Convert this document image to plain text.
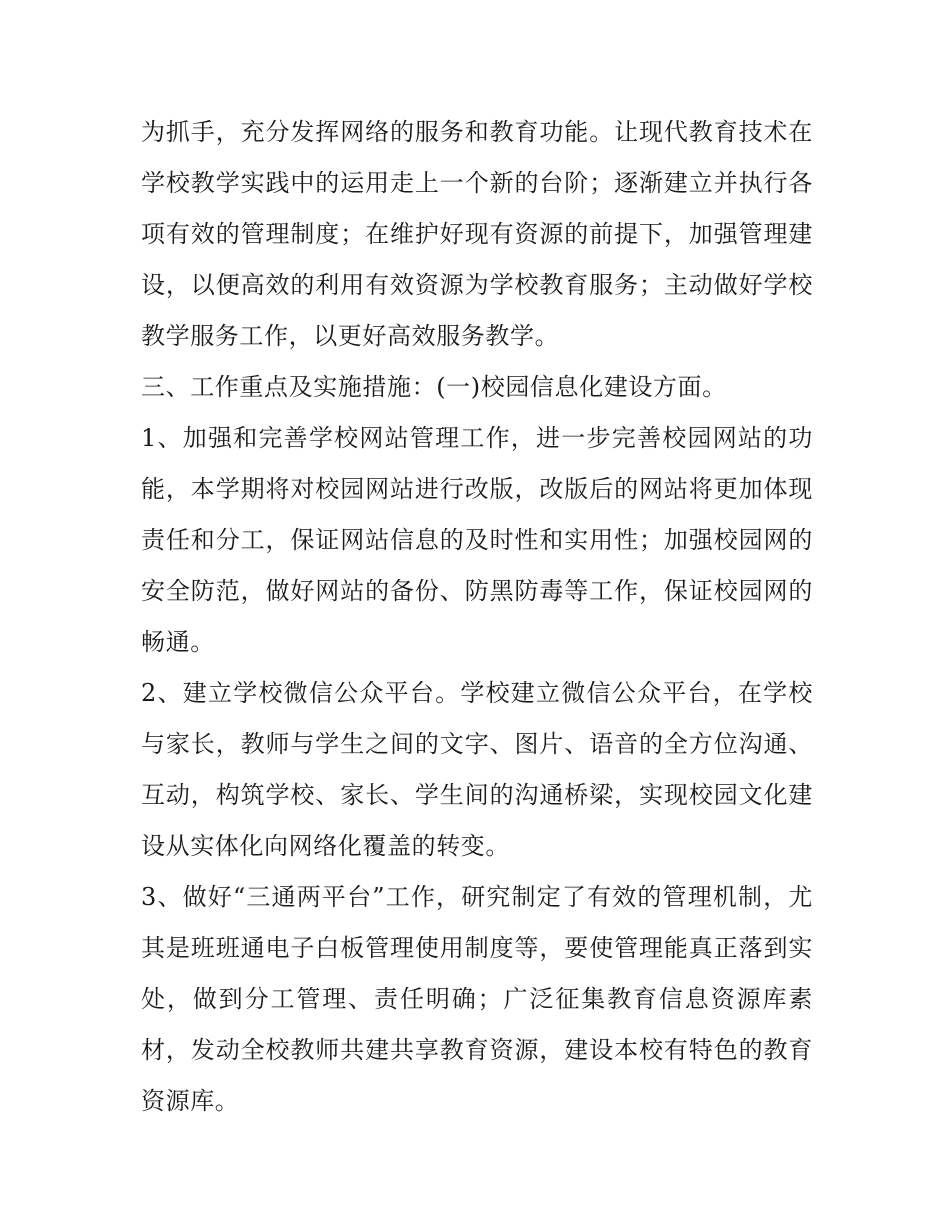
为抓手，充分发挥网络的服务和教育功能。让现代教育技术在
学校教学实践中的运用走上一个新的台阶；逐渐建立并执行各
项有效的管理制度；在维护好现有资源的前提下，加强管理建
设，以便高效的利用有效资源为学校教育服务；主动做好学校
教学服务工作，以更好高效服务教学。
三、工作重点及实施措施：(一)校园信息化建设方面。
1、加强和完善学校网站管理工作，进一步完善校园网站的功
能，本学期将对校园网站进行改版，改版后的网站将更加体现
责任和分工，保证网站信息的及时性和实用性；加强校园网的
安全防范，做好网站的备份、防黑防毒等工作，保证校园网的
畅通。
2、建立学校微信公众平台。学校建立微信公众平台，在学校
与家长，教师与学生之间的文字、图片、语音的全方位沟通、
互动，构筑学校、家长、学生间的沟通桥梁，实现校园文化建
设从实体化向网络化覆盖的转变。
3、做好“三通两平台”工作，研究制定了有效的管理机制，尤
其是班班通电子白板管理使用制度等，要使管理能真正落到实
处，做到分工管理、责任明确；广泛征集教育信息资源库素
材，发动全校教师共建共享教育资源，建设本校有特色的教育
资源库。
